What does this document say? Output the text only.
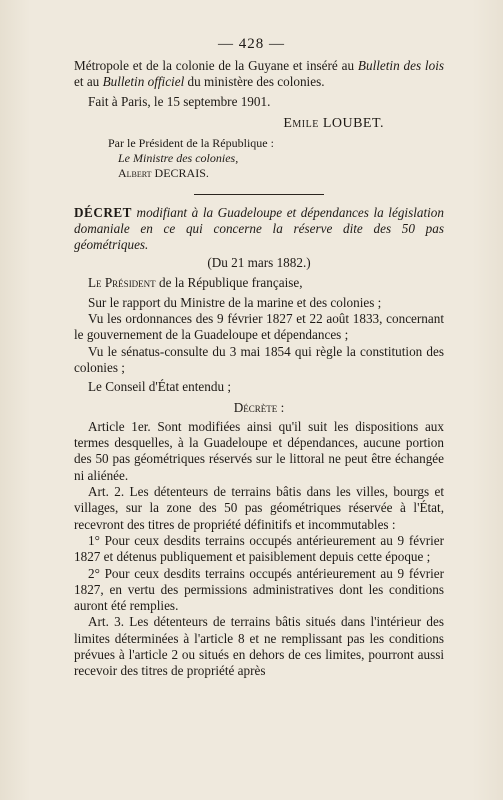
— 428 —

Métropole et de la colonie de la Guyane et inséré au Bulletin des lois et au Bulletin officiel du ministère des colonies.

Fait à Paris, le 15 septembre 1901.

Emile LOUBET.

Par le Président de la République :

Le Ministre des colonies,

Albert DECRAIS.

DÉCRET modifiant à la Guadeloupe et dépendances la législation domaniale en ce qui concerne la réserve dite des 50 pas géométriques.

(Du 21 mars 1882.)

Le Président de la République française,

Sur le rapport du Ministre de la marine et des colonies ;

Vu les ordonnances des 9 février 1827 et 22 août 1833, concernant le gouvernement de la Guadeloupe et dépendances ;

Vu le sénatus-consulte du 3 mai 1854 qui règle la constitution des colonies ;

Le Conseil d'État entendu ;

Décrète :

Article 1er. Sont modifiées ainsi qu'il suit les dispositions aux termes desquelles, à la Guadeloupe et dépendances, aucune portion des 50 pas géométriques réservés sur le littoral ne peut être échangée ni aliénée.

Art. 2. Les détenteurs de terrains bâtis dans les villes, bourgs et villages, sur la zone des 50 pas géométriques réservée à l'État, recevront des titres de propriété définitifs et incommutables :

1° Pour ceux desdits terrains occupés antérieurement au 9 février 1827 et détenus publiquement et paisiblement depuis cette époque ;

2° Pour ceux desdits terrains occupés antérieurement au 9 février 1827, en vertu des permissions administratives dont les conditions auront été remplies.

Art. 3. Les détenteurs de terrains bâtis situés dans l'intérieur des limites déterminées à l'article 8 et ne remplissant pas les conditions prévues à l'article 2 ou situés en dehors de ces limites, pourront aussi recevoir des titres de propriété après
